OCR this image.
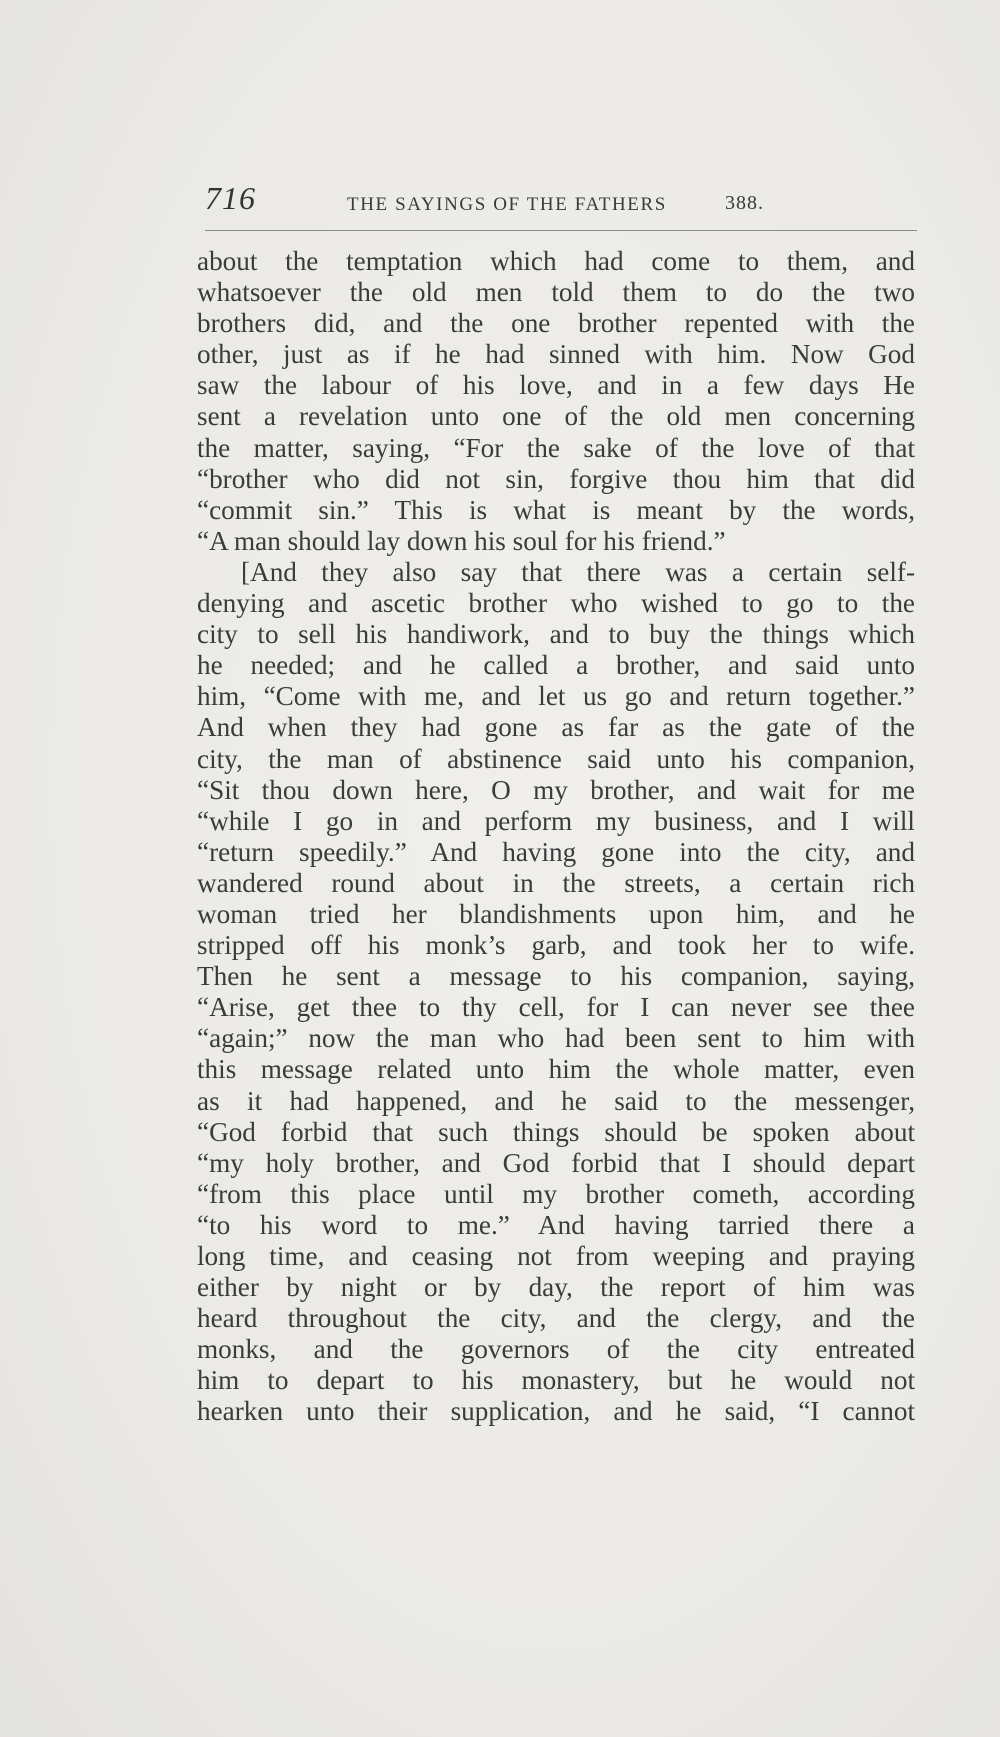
716	THE SAYINGS OF THE FATHERS	388.
about the temptation which had come to them, and
whatsoever the old men told them to do the two
brothers did, and the one brother repented with the
other, just as if he had sinned with him. Now God
saw the labour of his love, and in a few days He
sent a revelation unto one of the old men concerning
the matter, saying, “For the sake of the love of that
“brother who did not sin, forgive thou him that did
“commit sin.” This is what is meant by the words,
“A man should lay down his soul for his friend.”
[And they also say that there was a certain self-
denying and ascetic brother who wished to go to the
city to sell his handiwork, and to buy the things which
he needed; and he called a brother, and said unto
him, “Come with me, and let us go and return together.”
And when they had gone as far as the gate of the
city, the man of abstinence said unto his companion,
“Sit thou down here, O my brother, and wait for me
“while I go in and perform my business, and I will
“return speedily.” And having gone into the city, and
wandered round about in the streets, a certain rich
woman tried her blandishments upon him, and he
stripped off his monk’s garb, and took her to wife.
Then he sent a message to his companion, saying,
“Arise, get thee to thy cell, for I can never see thee
“again;” now the man who had been sent to him with
this message related unto him the whole matter, even
as it had happened, and he said to the messenger,
“God forbid that such things should be spoken about
“my holy brother, and God forbid that I should depart
“from this place until my brother cometh, according
“to his word to me.” And having tarried there a
long time, and ceasing not from weeping and praying
either by night or by day, the report of him was
heard throughout the city, and the clergy, and the
monks, and the governors of the city entreated
him to depart to his monastery, but he would not
hearken unto their supplication, and he said, “I cannot
